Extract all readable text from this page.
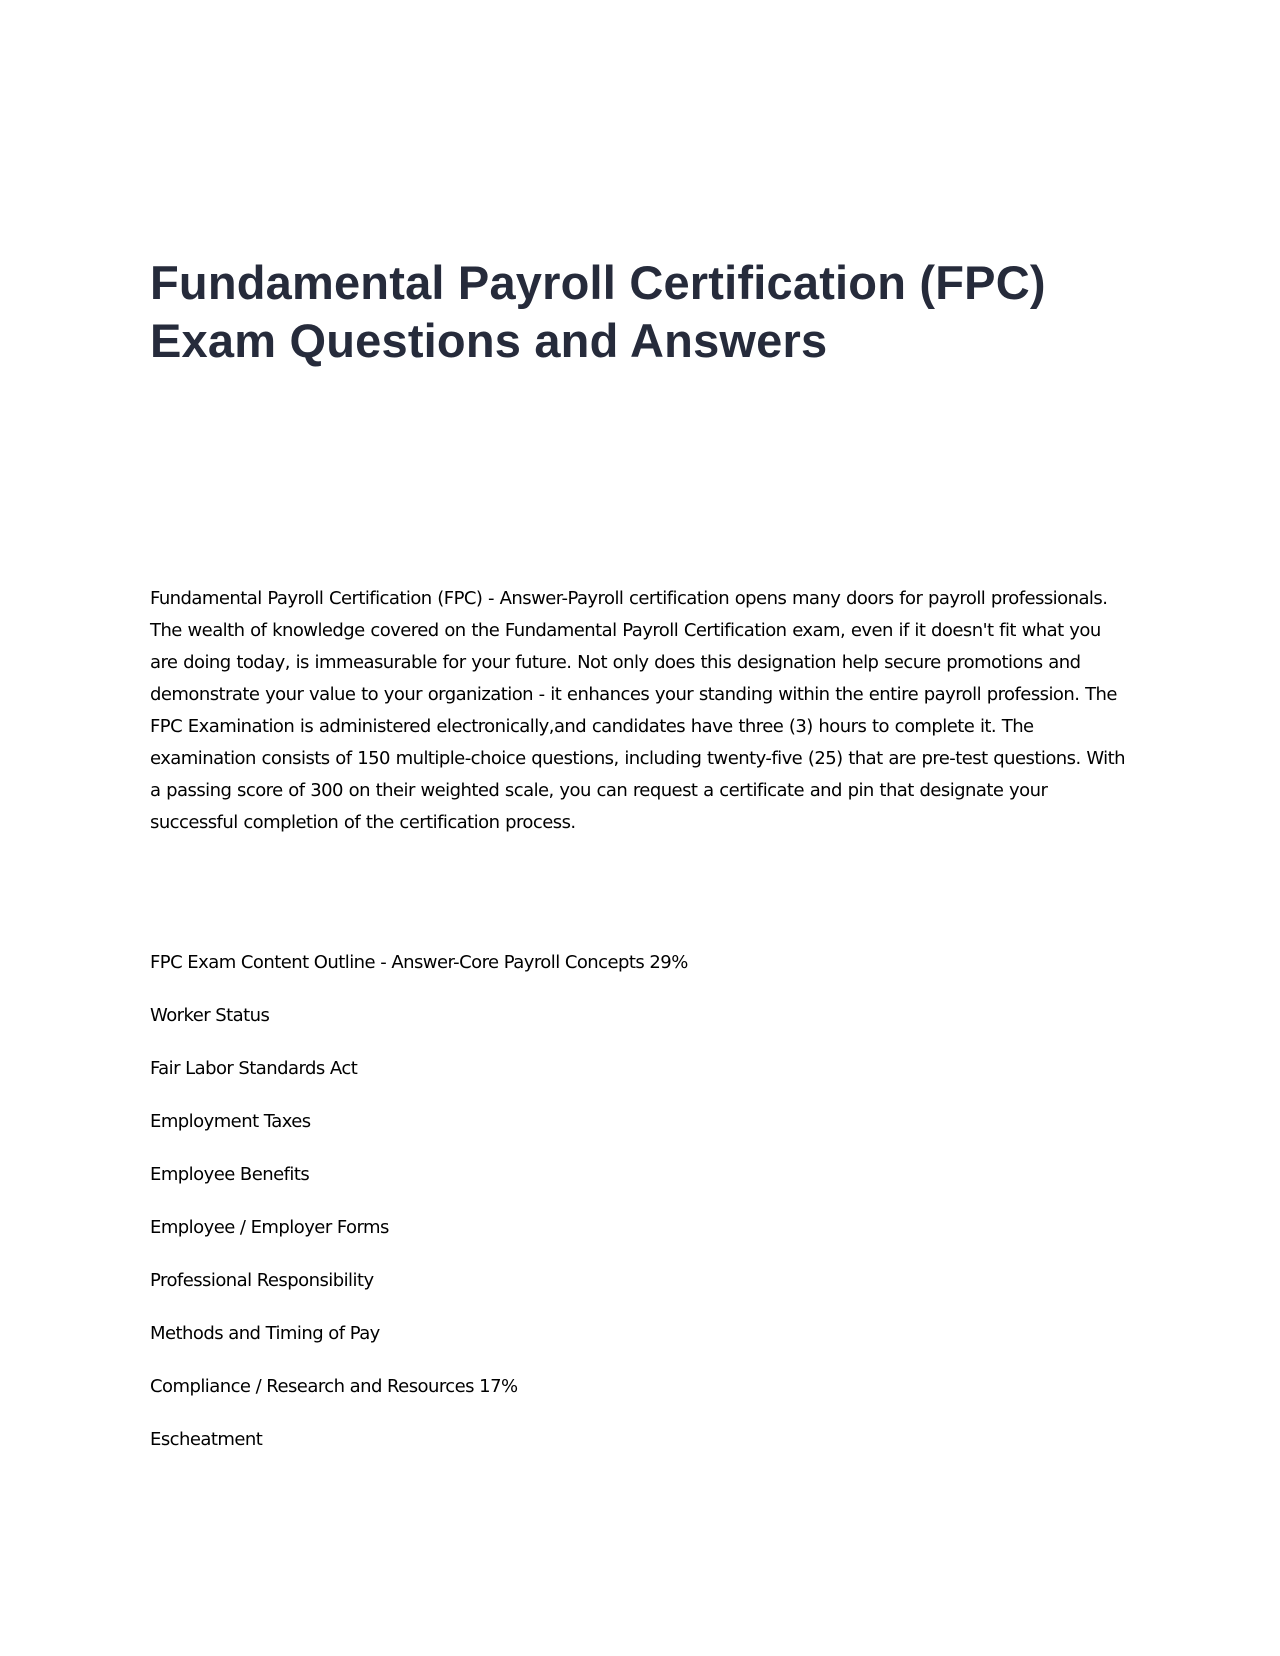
Fundamental Payroll Certification (FPC)
Exam Questions and Answers

Fundamental Payroll Certification (FPC) - Answer-Payroll certification opens many doors for payroll professionals. The wealth of knowledge covered on the Fundamental Payroll Certification exam, even if it doesn't fit what you are doing today, is immeasurable for your future. Not only does this designation help secure promotions and demonstrate your value to your organization - it enhances your standing within the entire payroll profession. The FPC Examination is administered electronically,and candidates have three (3) hours to complete it. The examination consists of 150 multiple-choice questions, including twenty-five (25) that are pre-test questions. With a passing score of 300 on their weighted scale, you can request a certificate and pin that designate your successful completion of the certification process.

FPC Exam Content Outline - Answer-Core Payroll Concepts 29%
Worker Status
Fair Labor Standards Act
Employment Taxes
Employee Benefits
Employee / Employer Forms
Professional Responsibility
Methods and Timing of Pay
Compliance / Research and Resources 17%
Escheatment
